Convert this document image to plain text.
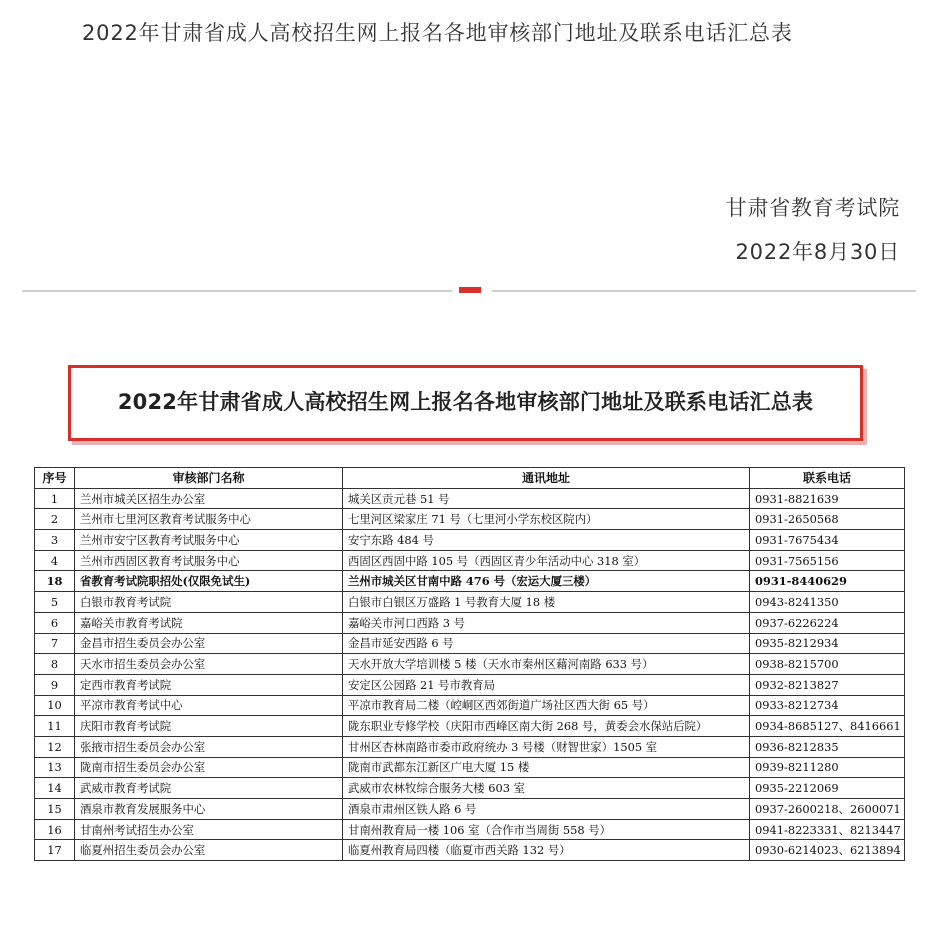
2022年甘肃省成人高校招生网上报名各地审核部门地址及联系电话汇总表

甘肃省教育考试院
2022年8月30日
2022年甘肃省成人高校招生网上报名各地审核部门地址及联系电话汇总表
序号	审核部门名称	通讯地址	联系电话
1	兰州市城关区招生办公室	城关区贡元巷 51 号	0931-8821639
2	兰州市七里河区教育考试服务中心	七里河区梁家庄 71 号（七里河小学东校区院内）	0931-2650568
3	兰州市安宁区教育考试服务中心	安宁东路 484 号	0931-7675434
4	兰州市西固区教育考试服务中心	西固区西固中路 105 号（西固区青少年活动中心 318 室）	0931-7565156
18	省教育考试院职招处(仅限免试生)	兰州市城关区甘南中路 476 号（宏运大厦三楼）	0931-8440629
5	白银市教育考试院	白银市白银区万盛路 1 号教育大厦 18 楼	0943-8241350
6	嘉峪关市教育考试院	嘉峪关市河口西路 3 号	0937-6226224
7	金昌市招生委员会办公室	金昌市延安西路 6 号	0935-8212934
8	天水市招生委员会办公室	天水开放大学培训楼 5 楼（天水市秦州区藉河南路 633 号）	0938-8215700
9	定西市教育考试院	安定区公园路 21 号市教育局	0932-8213827
10	平凉市教育考试中心	平凉市教育局二楼（崆峒区西郊街道广场社区西大街 65 号）	0933-8212734
11	庆阳市教育考试院	陇东职业专修学校（庆阳市西峰区南大街 268 号，黄委会水保站后院）	0934-8685127、8416661
12	张掖市招生委员会办公室	甘州区杏林南路市委市政府统办 3 号楼（财智世家）1505 室	0936-8212835
13	陇南市招生委员会办公室	陇南市武都东江新区广电大厦 15 楼	0939-8211280
14	武威市教育考试院	武威市农林牧综合服务大楼 603 室	0935-2212069
15	酒泉市教育发展服务中心	酒泉市肃州区铁人路 6 号	0937-2600218、2600071
16	甘南州考试招生办公室	甘南州教育局一楼 106 室（合作市当周街 558 号）	0941-8223331、8213447
17	临夏州招生委员会办公室	临夏州教育局四楼（临夏市西关路 132 号）	0930-6214023、6213894
